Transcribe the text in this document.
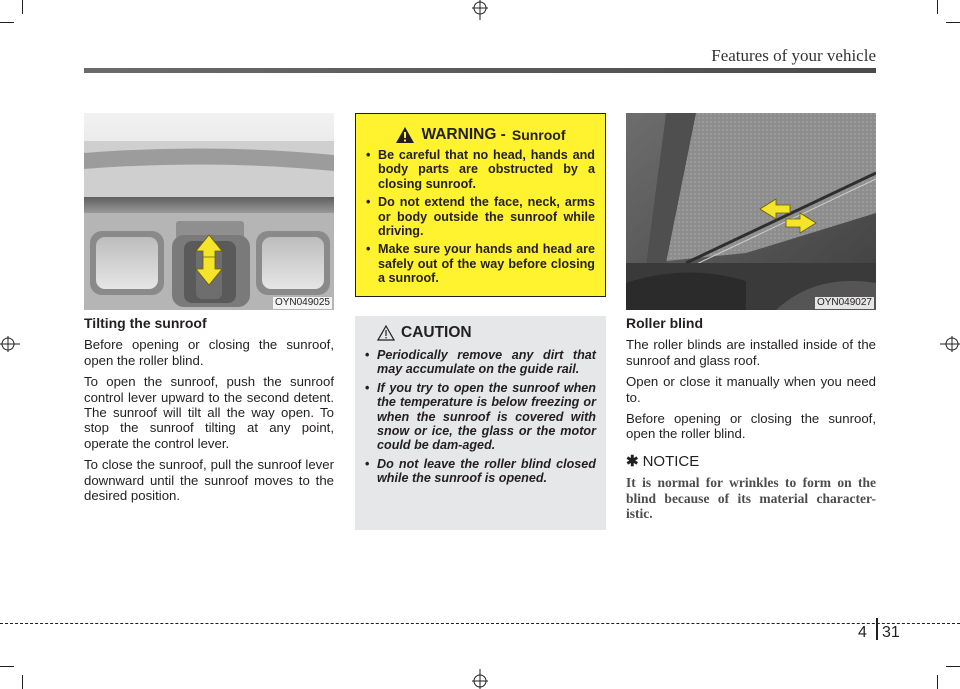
Features of your vehicle
OYN049025
Tilting the sunroof

Before opening or closing the sunroof, open the roller blind.

To open the sunroof, push the sunroof control lever upward to the second detent. The sunroof will tilt all the way open. To stop the sunroof tilting at any point, operate the control lever.

To close the sunroof, pull the sunroof lever downward until the sunroof moves to the desired position.

WARNING - Sunroof
• Be careful that no head, hands and body parts are obstructed by a closing sunroof.
• Do not extend the face, neck, arms or body outside the sunroof while driving.
• Make sure your hands and head are safely out of the way before closing a sunroof.
CAUTION
• Periodically remove any dirt that may accumulate on the guide rail.
• If you try to open the sunroof when the temperature is below freezing or when the sunroof is covered with snow or ice, the glass or the motor could be dam-aged.
• Do not leave the roller blind closed while the sunroof is opened.
OYN049027
Roller blind

The roller blinds are installed inside of the sunroof and glass roof.

Open or close it manually when you need to.

Before opening or closing the sunroof, open the roller blind.

✱ NOTICE
It is normal for wrinkles to form on the blind because of its material character-istic.
4 31
